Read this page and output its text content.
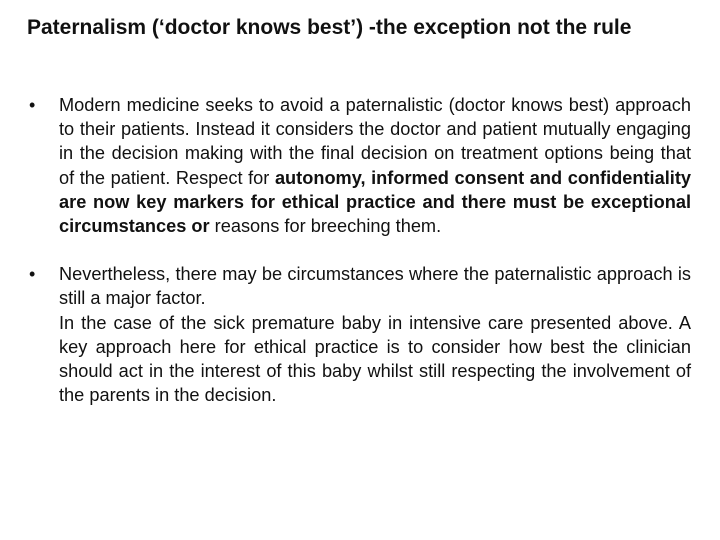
Paternalism (‘doctor knows best’) -the exception not the rule
• Modern medicine seeks to avoid a paternalistic (doctor knows best) approach to their patients. Instead it considers the doctor and patient mutually engaging in the decision making with the final decision on treatment options being that of the patient. Respect for autonomy, informed consent and confidentiality are now key markers for ethical practice and there must be exceptional circumstances or reasons for breeching them.
• Nevertheless, there may be circumstances where the paternalistic approach is still a major factor.
In the case of the sick premature baby in intensive care presented above. A key approach here for ethical practice is to consider how best the clinician should act in the interest of this baby whilst still respecting the involvement of the parents in the decision.
